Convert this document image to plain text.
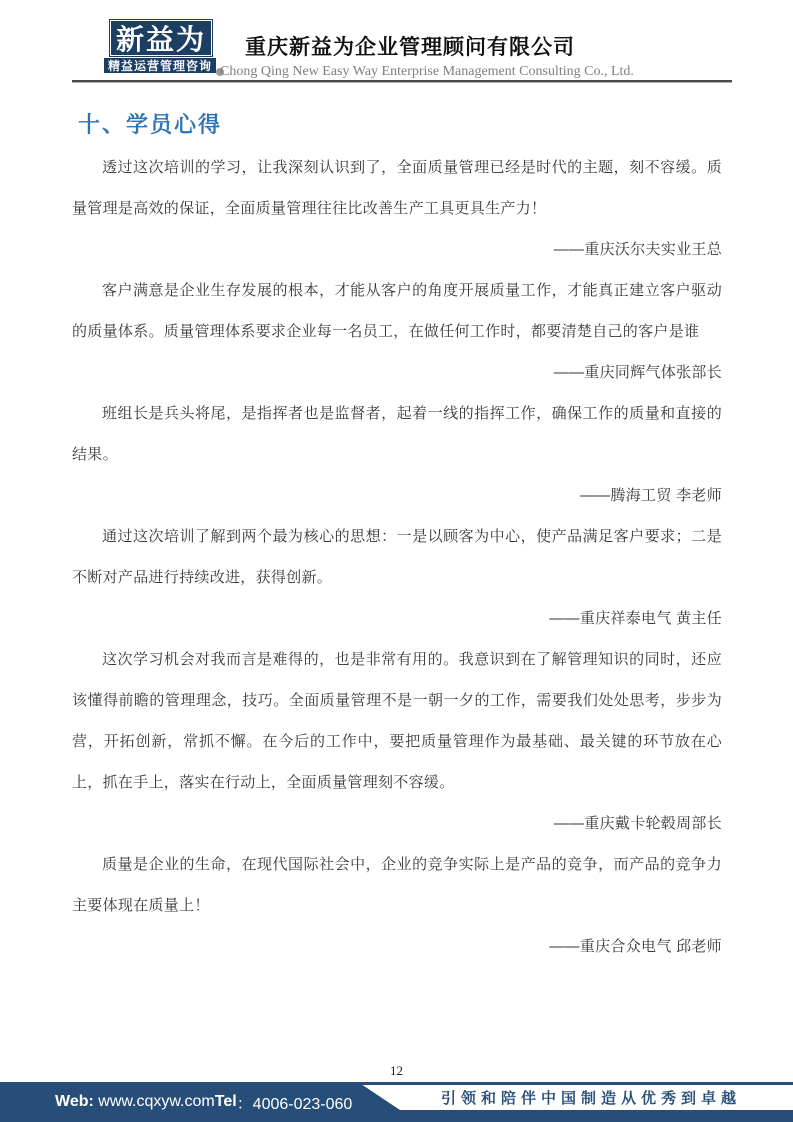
新益为
精益运营管理咨询
重庆新益为企业管理顾问有限公司
Chong Qing New Easy Way Enterprise Management Consulting Co., Ltd.
十、学员心得
透过这次培训的学习，让我深刻认识到了，全面质量管理已经是时代的主题，刻不容缓。质量管理是高效的保证，全面质量管理往往比改善生产工具更具生产力！
——重庆沃尔夫实业王总
客户满意是企业生存发展的根本，才能从客户的角度开展质量工作，才能真正建立客户驱动的质量体系。质量管理体系要求企业每一名员工，在做任何工作时，都要清楚自己的客户是谁
——重庆同辉气体张部长
班组长是兵头将尾，是指挥者也是监督者，起着一线的指挥工作，确保工作的质量和直接的结果。
——腾海工贸 李老师
通过这次培训了解到两个最为核心的思想：一是以顾客为中心，使产品满足客户要求；二是不断对产品进行持续改进，获得创新。
——重庆祥泰电气 黄主任
这次学习机会对我而言是难得的，也是非常有用的。我意识到在了解管理知识的同时，还应该懂得前瞻的管理理念，技巧。全面质量管理不是一朝一夕的工作，需要我们处处思考，步步为营，开拓创新，常抓不懈。在今后的工作中，要把质量管理作为最基础、最关键的环节放在心上，抓在手上，落实在行动上，全面质量管理刻不容缓。
——重庆戴卡轮毂周部长
质量是企业的生命，在现代国际社会中，企业的竞争实际上是产品的竞争，而产品的竞争力主要体现在质量上！
——重庆合众电气 邱老师
12
Web: www.cqxyw.com Tel ：4006-023-060	引领和陪伴中国制造从优秀到卓越
